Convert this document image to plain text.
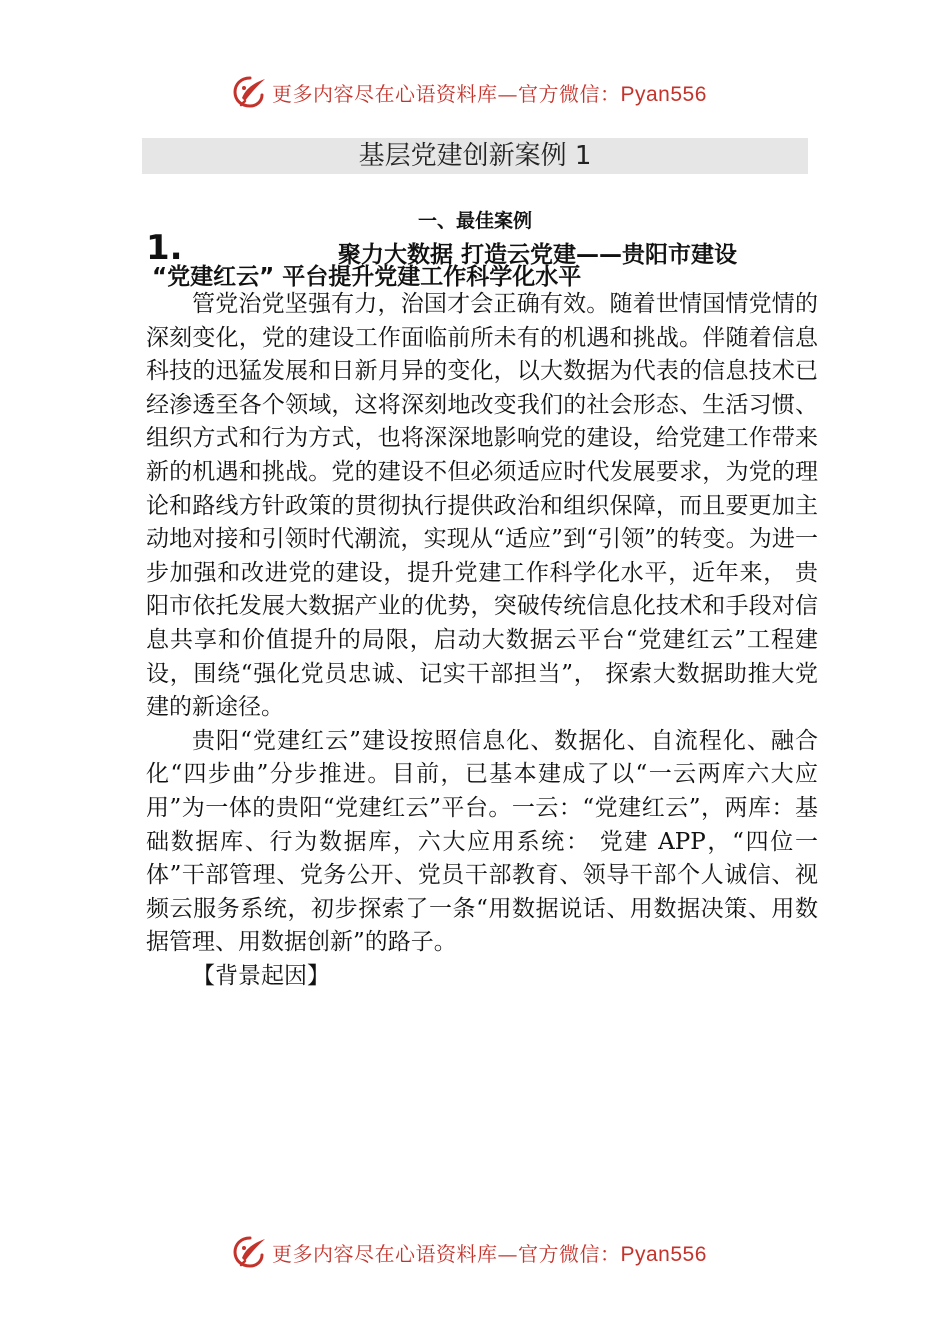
更多内容尽在心语资料库—官方微信：Pyan556
基层党建创新案例 1
一、最佳案例
1.	聚力大数据 打造云党建——贵阳市建设
“党建红云” 平台提升党建工作科学化水平

管党治党坚强有力，治国才会正确有效。随着世情国情党情的深刻变化，党的建设工作面临前所未有的机遇和挑战。伴随着信息科技的迅猛发展和日新月异的变化，以大数据为代表的信息技术已经渗透至各个领域，这将深刻地改变我们的社会形态、生活习惯、组织方式和行为方式，也将深深地影响党的建设，给党建工作带来新的机遇和挑战。党的建设不但必须适应时代发展要求，为党的理论和路线方针政策的贯彻执行提供政治和组织保障，而且要更加主动地对接和引领时代潮流，实现从“适应”到“引领”的转变。为进一步加强和改进党的建设，提升党建工作科学化水平，近年来， 贵阳市依托发展大数据产业的优势，突破传统信息化技术和手段对信息共享和价值提升的局限，启动大数据云平台“党建红云”工程建设，围绕“强化党员忠诚、记实干部担当”， 探索大数据助推大党建的新途径。

贵阳“党建红云”建设按照信息化、数据化、自流程化、融合化“四步曲”分步推进。目前，已基本建成了以“一云两库六大应用”为一体的贵阳“党建红云”平台。一云：“党建红云”，两库：基础数据库、行为数据库，六大应用系统： 党建 APP，“四位一体”干部管理、党务公开、党员干部教育、领导干部个人诚信、视频云服务系统，初步探索了一条“用数据说话、用数据决策、用数据管理、用数据创新”的路子。

【背景起因】

更多内容尽在心语资料库—官方微信：Pyan556
